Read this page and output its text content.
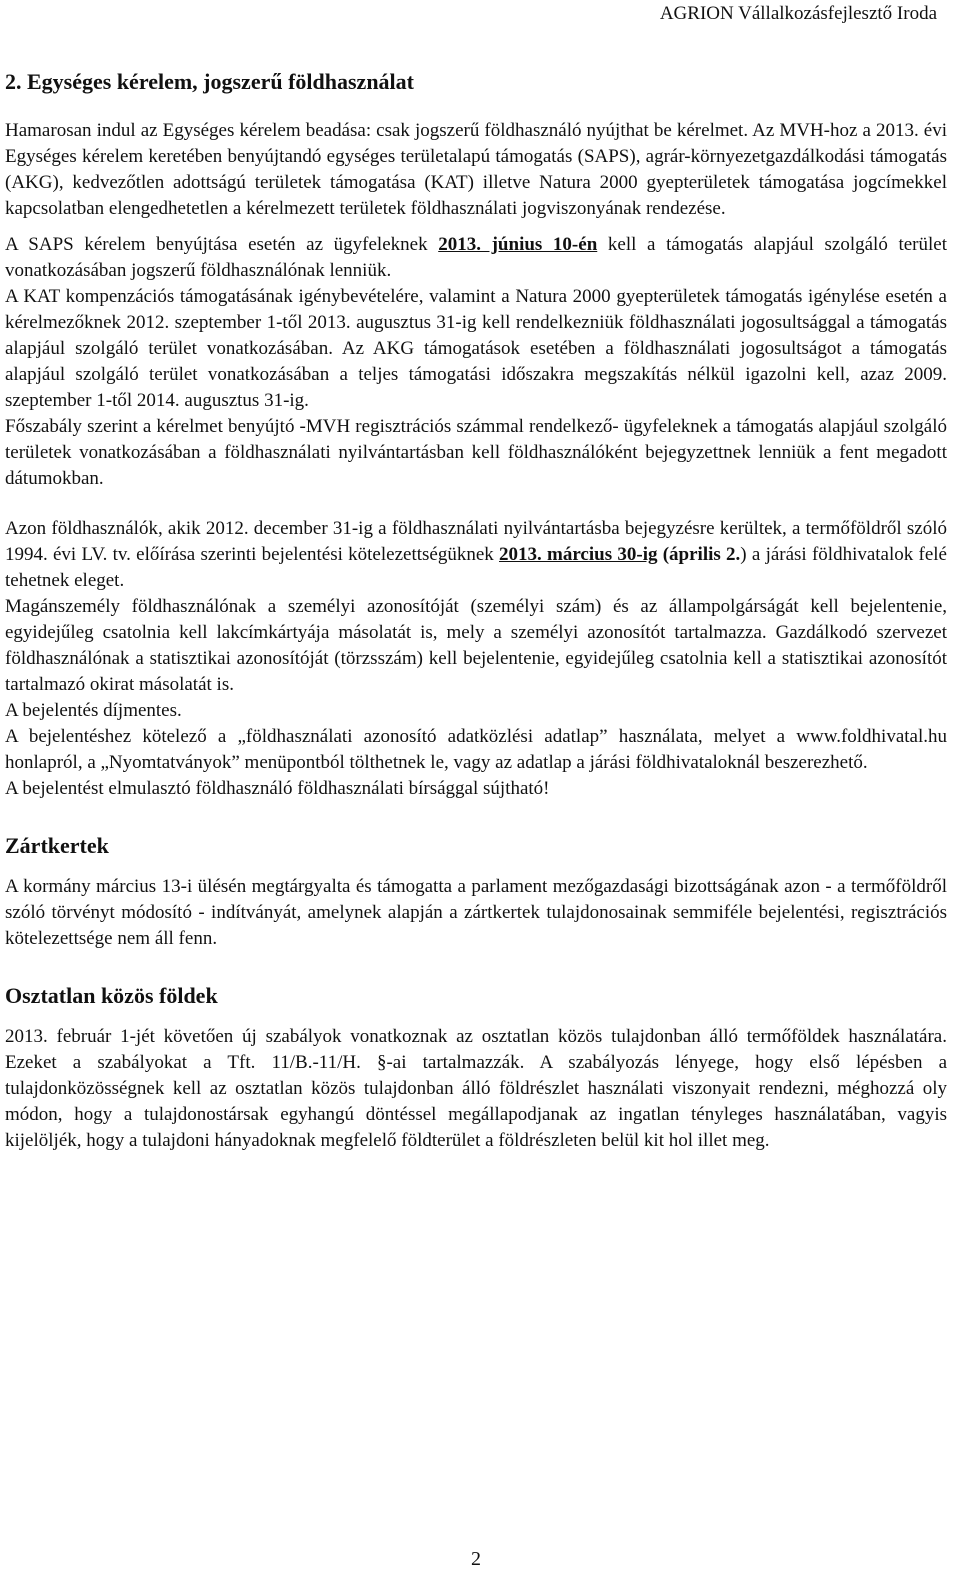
AGRION Vállalkozásfejlesztő Iroda
2. Egységes kérelem, jogszerű földhasználat

Hamarosan indul az Egységes kérelem beadása: csak jogszerű földhasználó nyújthat be kérelmet. Az MVH-hoz a 2013. évi Egységes kérelem keretében benyújtandó egységes területalapú támogatás (SAPS), agrár-környezetgazdálkodási támogatás (AKG), kedvezőtlen adottságú területek támogatása (KAT) illetve Natura 2000 gyepterületek támogatása jogcímekkel kapcsolatban elengedhetetlen a kérelmezett területek földhasználati jogviszonyának rendezése.

A SAPS kérelem benyújtása esetén az ügyfeleknek 2013. június 10-én kell a támogatás alapjául szolgáló terület vonatkozásában jogszerű földhasználónak lenniük.

A KAT kompenzációs támogatásának igénybevételére, valamint a Natura 2000 gyepterületek támogatás igénylése esetén a kérelmezőknek 2012. szeptember 1-től 2013. augusztus 31-ig kell rendelkezniük földhasználati jogosultsággal a támogatás alapjául szolgáló terület vonatkozásában. Az AKG támogatások esetében a földhasználati jogosultságot a támogatás alapjául szolgáló terület vonatkozásában a teljes támogatási időszakra megszakítás nélkül igazolni kell, azaz 2009. szeptember 1-től 2014. augusztus 31-ig.

Főszabály szerint a kérelmet benyújtó -MVH regisztrációs számmal rendelkező- ügyfeleknek a támogatás alapjául szolgáló területek vonatkozásában a földhasználati nyilvántartásban kell földhasználóként bejegyzettnek lenniük a fent megadott dátumokban.

Azon földhasználók, akik 2012. december 31-ig a földhasználati nyilvántartásba bejegyzésre kerültek, a termőföldről szóló 1994. évi LV. tv. előírása szerinti bejelentési kötelezettségüknek 2013. március 30-ig (április 2.) a járási földhivatalok felé tehetnek eleget.

Magánszemély földhasználónak a személyi azonosítóját (személyi szám) és az állampolgárságát kell bejelentenie, egyidejűleg csatolnia kell lakcímkártyája másolatát is, mely a személyi azonosítót tartalmazza. Gazdálkodó szervezet földhasználónak a statisztikai azonosítóját (törzsszám) kell bejelentenie, egyidejűleg csatolnia kell a statisztikai azonosítót tartalmazó okirat másolatát is.

A bejelentés díjmentes.

A bejelentéshez kötelező a „földhasználati azonosító adatközlési adatlap” használata, melyet a www.foldhivatal.hu honlapról, a „Nyomtatványok” menüpontból tölthetnek le, vagy az adatlap a járási földhivataloknál beszerezhető.

A bejelentést elmulasztó földhasználó földhasználati bírsággal sújtható!

Zártkertek

A kormány március 13-i ülésén megtárgyalta és támogatta a parlament mezőgazdasági bizottságának azon - a termőföldről szóló törvényt módosító - indítványát, amelynek alapján a zártkertek tulajdonosainak semmiféle bejelentési, regisztrációs kötelezettsége nem áll fenn.

Osztatlan közös földek

2013. február 1-jét követően új szabályok vonatkoznak az osztatlan közös tulajdonban álló termőföldek használatára. Ezeket a szabályokat a Tft. 11/B.-11/H. §-ai tartalmazzák. A szabályozás lényege, hogy első lépésben a tulajdonközösségnek kell az osztatlan közös tulajdonban álló földrészlet használati viszonyait rendezni, méghozzá oly módon, hogy a tulajdonostársak egyhangú döntéssel megállapodjanak az ingatlan tényleges használatában, vagyis kijelöljék, hogy a tulajdoni hányadoknak megfelelő földterület a földrészleten belül kit hol illet meg.

2
